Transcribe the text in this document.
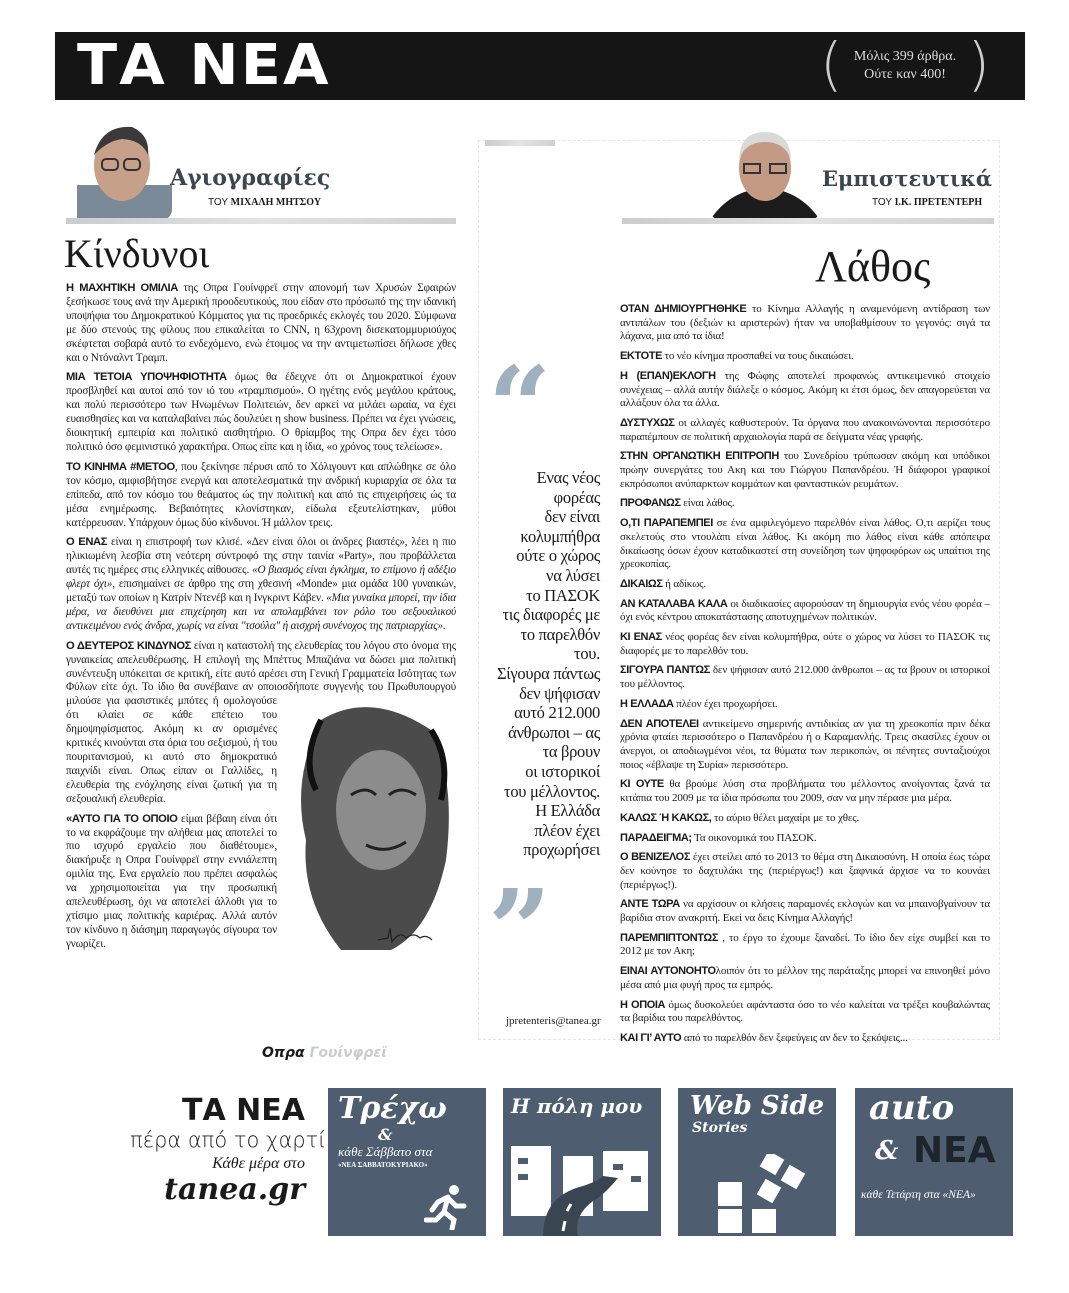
ΤΑ ΝΕΑ	( Μόλις 399 άρθρα.
Ούτε καν 400! )
Αγιογραφίες
ΤΟΥ ΜΙΧΑΛΗ ΜΗΤΣΟΥ
Κίνδυνοι

Η ΜΑΧΗΤΙΚΗ ΟΜΙΛΙΑ της Οπρα Γουίνφρεϊ στην απονομή των Χρυσών Σφαιρών ξεσήκωσε τους ανά την Αμερική προοδευτικούς, που είδαν στο πρόσωπό της την ιδανική υποψήφια του Δημοκρατικού Κόμματος για τις προεδρικές εκλογές του 2020. Σύμφωνα με δύο στενούς της φίλους που επικαλείται το CNN, η 63χρονη δισεκατομμυριούχος σκέφτεται σοβαρά αυτό το ενδεχόμενο, ενώ έτοιμος να την αντιμετωπίσει δήλωσε χθες και ο Ντόναλντ Τραμπ.

ΜΙΑ ΤΕΤΟΙΑ ΥΠΟΨΗΦΙΟΤΗΤΑ όμως θα έδειχνε ότι οι Δημοκρατικοί έχουν προσβληθεί και αυτοί από τον ιό του «τραμπισμού». Ο ηγέτης ενός μεγάλου κράτους, και πολύ περισσότερο των Ηνωμένων Πολιτειών, δεν αρκεί να μιλάει ωραία, να έχει ευαισθησίες και να καταλαβαίνει πώς δουλεύει η show business. Πρέπει να έχει γνώσεις, διοικητική εμπειρία και πολιτικό αισθητήριο. Ο θρίαμβος της Οπρα δεν έχει τόσο πολιτικό όσο φεμινιστικό χαρακτήρα. Οπως είπε και η ίδια, «ο χρόνος τους τελείωσε».

ΤΟ ΚΙΝΗΜΑ #METOO, που ξεκίνησε πέρυσι από το Χόλιγουντ και απλώθηκε σε όλο τον κόσμο, αμφισβήτησε ενεργά και αποτελεσματικά την ανδρική κυριαρχία σε όλα τα επίπεδα, από τον κόσμο του θεάματος ώς την πολιτική και από τις επιχειρήσεις ώς τα μέσα ενημέρωσης. Βεβαιότητες κλονίστηκαν, είδωλα εξευτελίστηκαν, μύθοι κατέρρευσαν. Υπάρχουν όμως δύο κίνδυνοι. Ή μάλλον τρεις.

Ο ΕΝΑΣ είναι η επιστροφή των κλισέ. «Δεν είναι όλοι οι άνδρες βιαστές», λέει η πιο ηλικιωμένη λεσβία στη νεότερη σύντροφό της στην ταινία «Party», που προβάλλεται αυτές τις ημέρες στις ελληνικές αίθουσες. «Ο βιασμός είναι έγκλημα, το επίμονο ή αδέξιο φλερτ όχι», επισημαίνει σε άρθρο της στη χθεσινή «Monde» μια ομάδα 100 γυναικών, μεταξύ των οποίων η Κατρίν Ντενέβ και η Ινγκριντ Κάβεν. «Μια γυναίκα μπορεί, την ίδια μέρα, να διευθύνει μια επιχείρηση και να απολαμβάνει τον ρόλο του σεξουαλικού αντικειμένου ενός άνδρα, χωρίς να είναι "τσούλα" ή αισχρή συνένοχος της πατριαρχίας».

Ο ΔΕΥΤΕΡΟΣ ΚΙΝΔΥΝΟΣ είναι η καταστολή της ελευθερίας του λόγου στο όνομα της γυναικείας απελευθέρωσης. Η επιλογή της Μπέττυς Μπαζιάνα να δώσει μια πολιτική συνέντευξη υπόκειται σε κριτική, είτε αυτό αρέσει στη Γενική Γραμματεία Ισότητας των Φύλων είτε όχι. Το ίδιο θα συνέβαινε αν οποιοσδήποτε συγγενής του Πρωθυπουργού μιλούσε για φασιστικές μπότες ή ομολογούσε ότι κλαίει σε κάθε επέτειο του δημοψηφίσματος. Ακόμη κι αν ορισμένες κριτικές κινούνται στα όρια του σεξισμού, ή του πουριτανισμού, κι αυτό στο δημοκρατικό παιχνίδι είναι. Οπως είπαν οι Γαλλίδες, η ελευθερία της ενόχλησης είναι ζωτική για τη σεξουαλική ελευθερία.

«ΑΥΤΟ ΓΙΑ ΤΟ ΟΠΟΙΟ είμαι βέβαιη είναι ότι το να εκφράζουμε την αλήθεια μας αποτελεί το πιο ισχυρό εργαλείο που διαθέτουμε», διακήρυξε η Οπρα Γουίνφρεϊ στην εννιάλεπτη ομιλία της. Ενα εργαλείο που πρέπει ασφαλώς να χρησιμοποιείται για την προσωπική απελευθέρωση, όχι να αποτελεί άλλοθι για το χτίσιμο μιας πολιτικής καριέρας. Αλλά αυτόν τον κίνδυνο η διάσημη παραγωγός σίγουρα τον γνωρίζει.

Οπρα Γουίνφρεϊ
Εμπιστευτικά
ΤΟΥ Ι.Κ. ΠΡΕΤΕΝΤΕΡΗ
Λάθος
“
Ενας νέος
φορέας
δεν είναι
κολυμπήθρα
ούτε ο χώρος
να λύσει
το ΠΑΣΟΚ
τις διαφορές με
το παρελθόν
του.
Σίγουρα πάντως
δεν ψήφισαν
αυτό 212.000
άνθρωποι – ας
τα βρουν
οι ιστορικοί
του μέλλοντος.
Η Ελλάδα
πλέον έχει
προχωρήσει
”
jpretenteris@tanea.gr

ΟΤΑΝ ΔΗΜΙΟΥΡΓΗΘΗΚΕ το Κίνημα Αλλαγής η αναμενόμενη αντίδραση των αντιπάλων του (δεξιών κι αριστερών) ήταν να υποβαθμίσουν το γεγονός: σιγά τα λάχανα, μια από τα ίδια!

ΕΚΤΟΤΕ το νέο κίνημα προσπαθεί να τους δικαιώσει.

Η (ΕΠΑΝ)ΕΚΛΟΓΗ της Φώφης αποτελεί προφανώς αντικειμενικό στοιχείο συνέχειας – αλλά αυτήν διάλεξε ο κόσμος. Ακόμη κι έτσι όμως, δεν απαγορεύεται να αλλάξουν όλα τα άλλα.

ΔΥΣΤΥΧΩΣ οι αλλαγές καθυστερούν. Τα όργανα που ανακοινώνονται περισσότερο παραπέμπουν σε πολιτική αρχαιολογία παρά σε δείγματα νέας γραφής.

ΣΤΗΝ ΟΡΓΑΝΩΤΙΚΗ ΕΠΙΤΡΟΠΗ του Συνεδρίου τρύπωσαν ακόμη και υπόδικοι πρώην συνεργάτες του Ακη και του Γιώργου Παπανδρέου. Ή διάφοροι γραφικοί εκπρόσωποι ανύπαρκτων κομμάτων και φανταστικών ρευμάτων.

ΠΡΟΦΑΝΩΣ είναι λάθος.

Ο,ΤΙ ΠΑΡΑΠΕΜΠΕΙ σε ένα αμφιλεγόμενο παρελθόν είναι λάθος. Ο,τι αερίζει τους σκελετούς στο ντουλάπι είναι λάθος. Κι ακόμη πιο λάθος είναι κάθε απόπειρα δικαίωσης όσων έχουν καταδικαστεί στη συνείδηση των ψηφοφόρων ως υπαίτιοι της χρεοκοπίας.

ΔΙΚΑΙΩΣ ή αδίκως.

ΑΝ ΚΑΤΑΛΑΒΑ ΚΑΛΑ οι διαδικασίες αφορούσαν τη δημιουργία ενός νέου φορέα – όχι ενός κέντρου αποκατάστασης αποτυχημένων πολιτικών.

ΚΙ ΕΝΑΣ νέος φορέας δεν είναι κολυμπήθρα, ούτε ο χώρος να λύσει το ΠΑΣΟΚ τις διαφορές με το παρελθόν του.

ΣΙΓΟΥΡΑ ΠΑΝΤΩΣ δεν ψήφισαν αυτό 212.000 άνθρωποι – ας τα βρουν οι ιστορικοί του μέλλοντος.

Η ΕΛΛΑΔΑ πλέον έχει προχωρήσει.

ΔΕΝ ΑΠΟΤΕΛΕΙ αντικείμενο σημερινής αντιδικίας αν για τη χρεοκοπία πριν δέκα χρόνια φταίει περισσότερο ο Παπανδρέου ή ο Καραμανλής. Τρεις σκασίλες έχουν οι άνεργοι, οι αποδιωγμένοι νέοι, τα θύματα των περικοπών, οι πένητες συνταξιούχοι ποιος «έβλαψε τη Συρία» περισσότερο.

ΚΙ ΟΥΤΕ θα βρούμε λύση στα προβλήματα του μέλλοντος ανοίγοντας ξανά τα κιτάπια του 2009 με τα ίδια πρόσωπα του 2009, σαν να μην πέρασε μια μέρα.

ΚΑΛΩΣ Ή ΚΑΚΩΣ, το αύριο θέλει μαχαίρι με το χθες.

ΠΑΡΑΔΕΙΓΜΑ; Τα οικονομικά του ΠΑΣΟΚ.

Ο ΒΕΝΙΖΕΛΟΣ έχει στείλει από το 2013 το θέμα στη Δικαιοσύνη. Η οποία έως τώρα δεν κούνησε το δαχτυλάκι της (περιέργως!) και ξαφνικά άρχισε να το κουνάει (περιέργως!).

ΑΝΤΕ ΤΩΡΑ να αρχίσουν οι κλήσεις παραμονές εκλογών και να μπαινοβγαίνουν τα βαρίδια στον ανακριτή. Εκεί να δεις Κίνημα Αλλαγής!

ΠΑΡΕΜΠΙΠΤΟΝΤΩΣ , το έργο το έχουμε ξαναδεί. Το ίδιο δεν είχε συμβεί και το 2012 με τον Ακη;

ΕΙΝΑΙ ΑΥΤΟΝΟΗΤΟλοιπόν ότι το μέλλον της παράταξης μπορεί να επινοηθεί μόνο μέσα από μια φυγή προς τα εμπρός.

Η ΟΠΟΙΑ όμως δυσκολεύει αφάνταστα όσο το νέο καλείται να τρέξει κουβαλώντας τα βαρίδια του παρελθόντος.

ΚΑΙ ΓΙ’ ΑΥΤΟ από το παρελθόν δεν ξεφεύγεις αν δεν το ξεκόψεις...

ΤΑ ΝΕΑ
πέρα από το χαρτί
Κάθε μέρα στο
tanea.gr
Τρέχω
&
κάθε Σάββατο στα
«ΝΕΑ ΣΑΒΒΑΤΟΚΥΡΙΑΚΟ»
Η πόλη μου	Web Side
Stories	auto
ΝΕΑ
&
κάθε Τετάρτη στα «ΝΕΑ»
